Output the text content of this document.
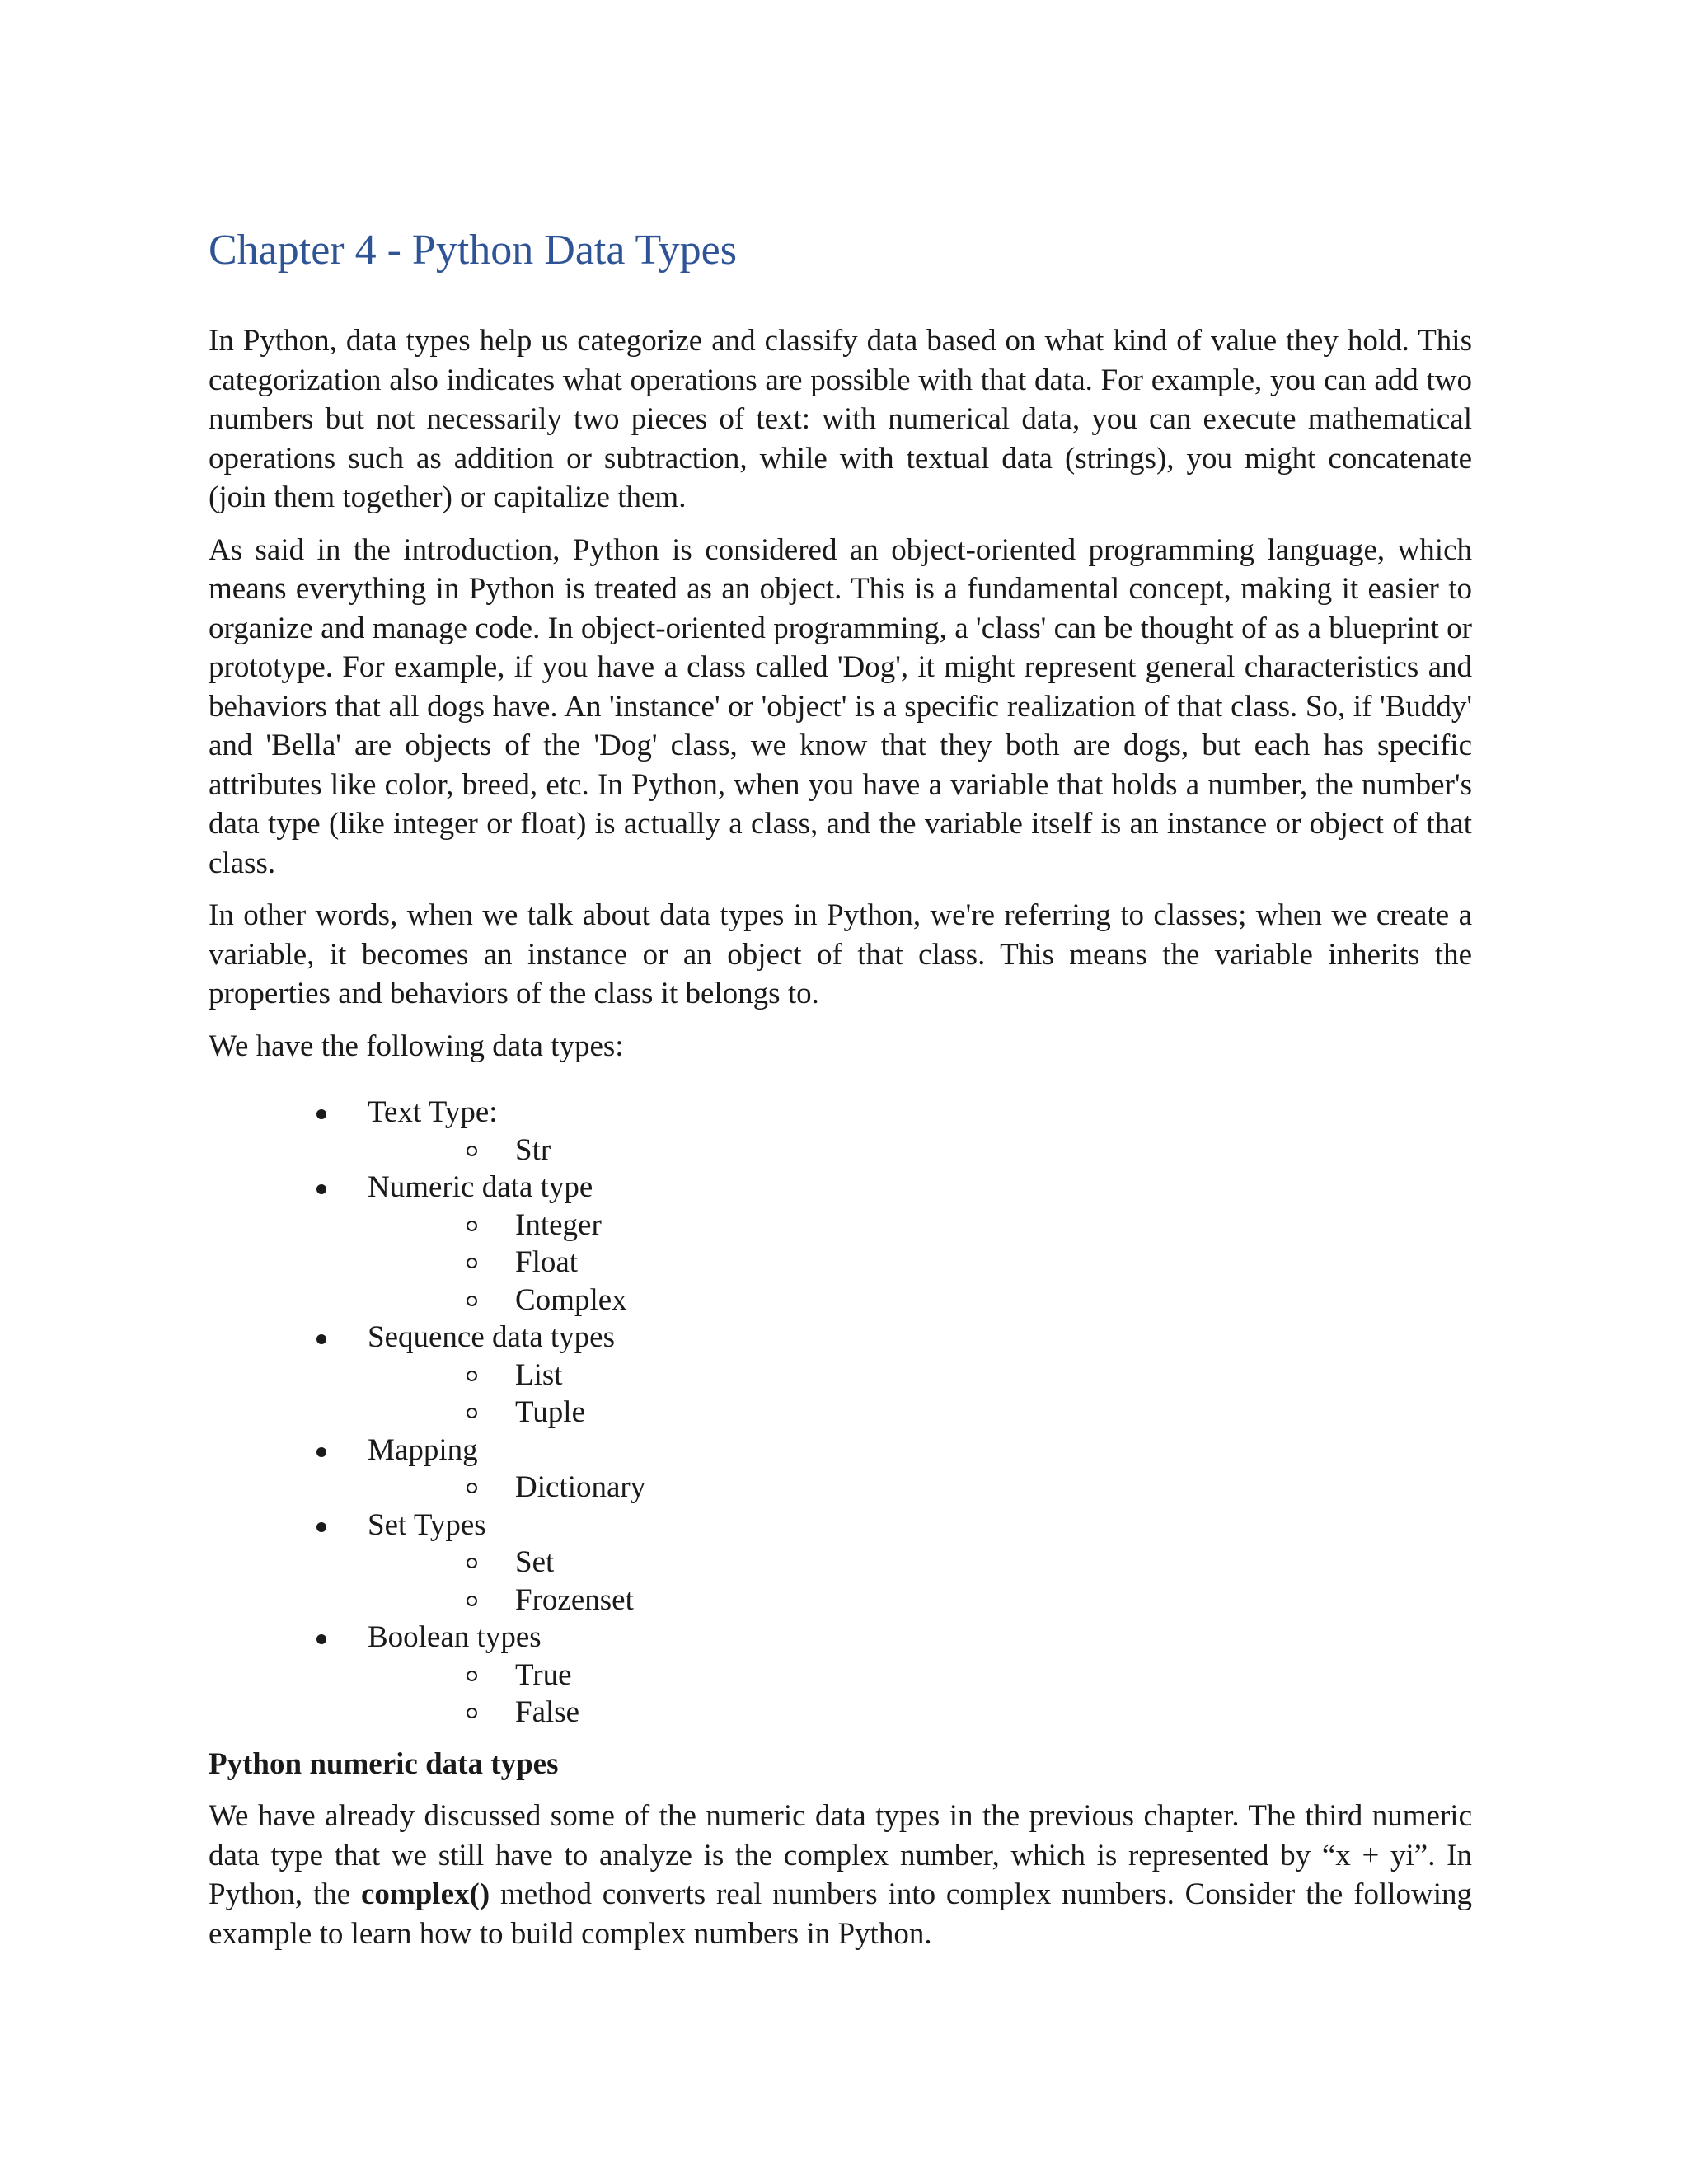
Chapter 4 - Python Data Types

In Python, data types help us categorize and classify data based on what kind of value they hold. This categorization also indicates what operations are possible with that data. For example, you can add two numbers but not necessarily two pieces of text: with numerical data, you can execute mathematical operations such as addition or subtraction, while with textual data (strings), you might concatenate (join them together) or capitalize them.

As said in the introduction, Python is considered an object-oriented programming language, which means everything in Python is treated as an object. This is a fundamental concept, making it easier to organize and manage code. In object-oriented programming, a 'class' can be thought of as a blueprint or prototype. For example, if you have a class called 'Dog', it might represent general characteristics and behaviors that all dogs have. An 'instance' or 'object' is a specific realization of that class. So, if 'Buddy' and 'Bella' are objects of the 'Dog' class, we know that they both are dogs, but each has specific attributes like color, breed, etc. In Python, when you have a variable that holds a number, the number's data type (like integer or float) is actually a class, and the variable itself is an instance or object of that class.

In other words, when we talk about data types in Python, we're referring to classes; when we create a variable, it becomes an instance or an object of that class. This means the variable inherits the properties and behaviors of the class it belongs to.

We have the following data types:

Text Type:
Str
Numeric data type
Integer
Float
Complex
Sequence data types
List
Tuple
Mapping
Dictionary
Set Types
Set
Frozenset
Boolean types
True
False

Python numeric data types

We have already discussed some of the numeric data types in the previous chapter. The third numeric data type that we still have to analyze is the complex number, which is represented by “x + yi”. In Python, the complex() method converts real numbers into complex numbers. Consider the following example to learn how to build complex numbers in Python.
